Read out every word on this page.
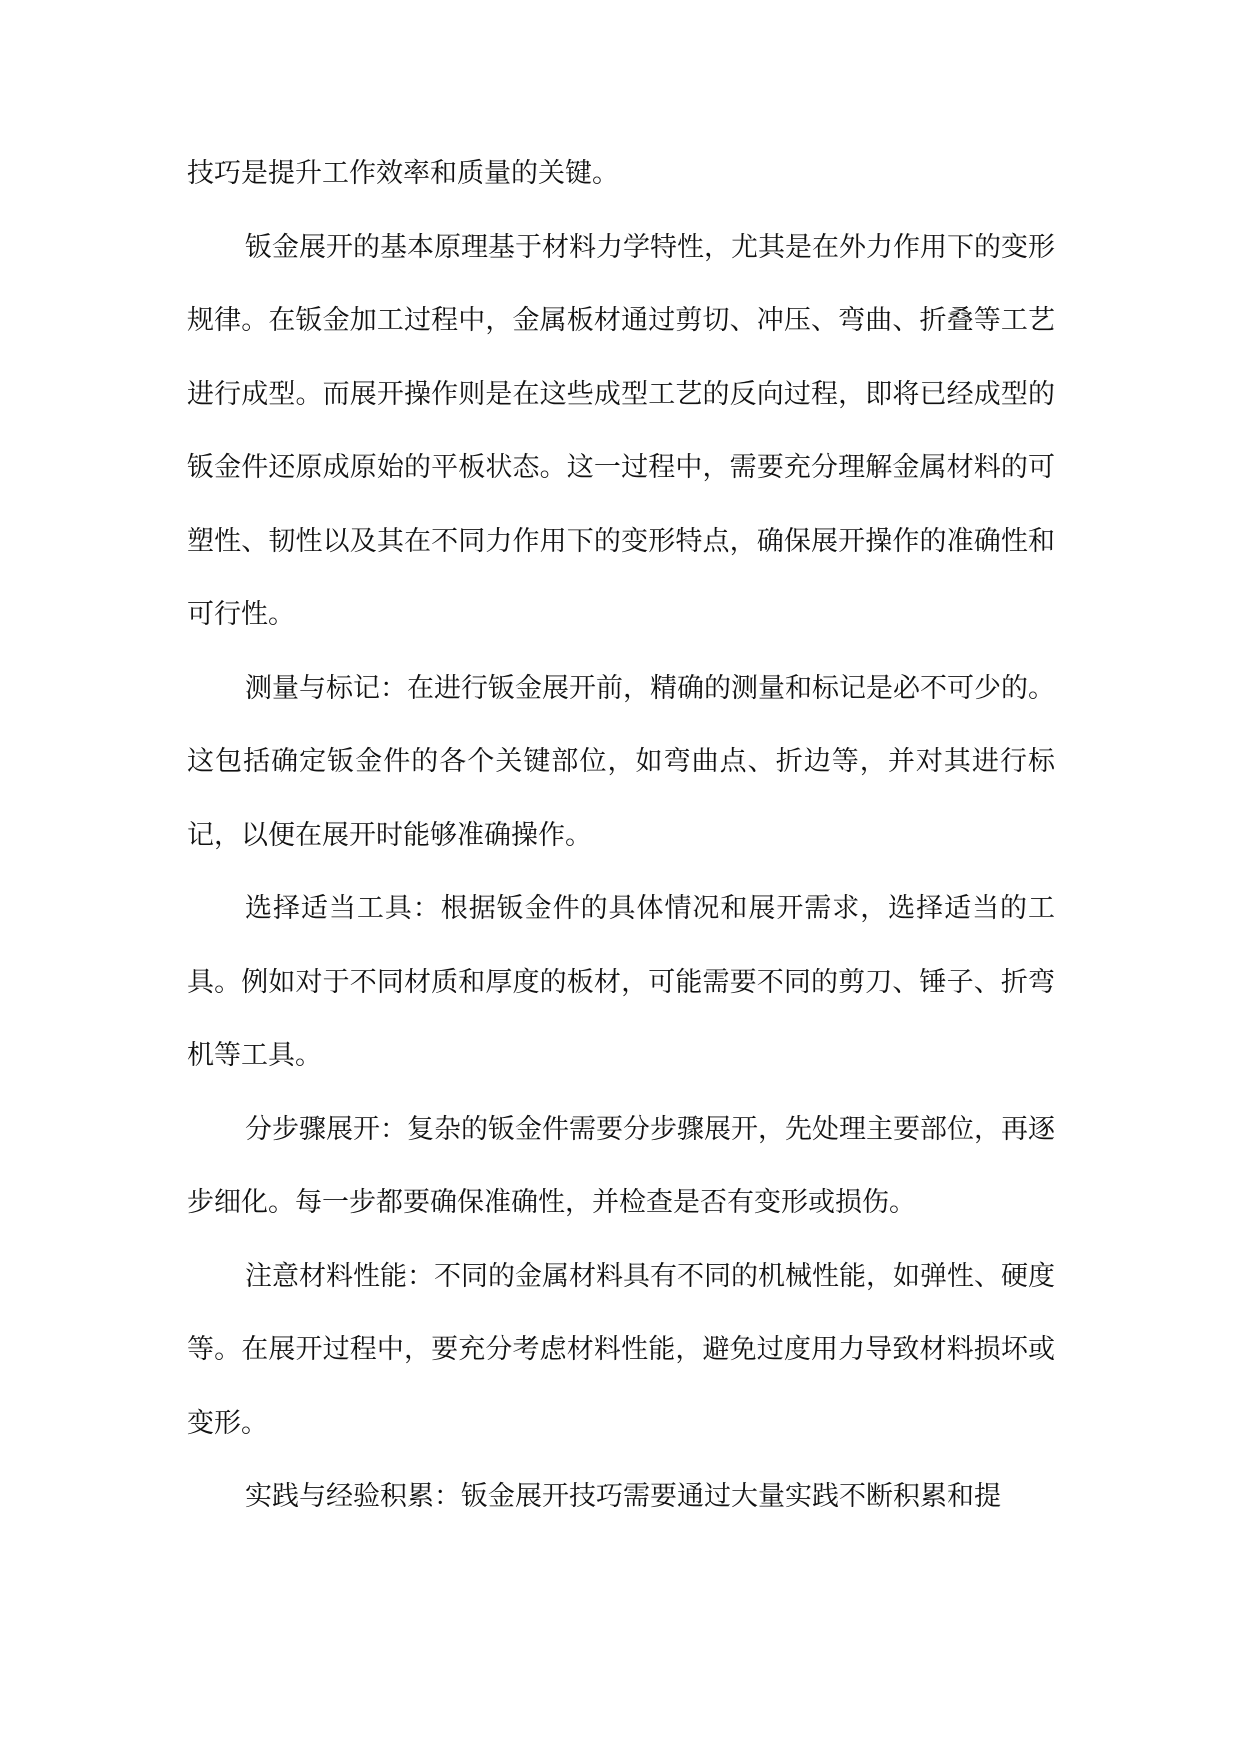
技巧是提升工作效率和质量的关键。

钣金展开的基本原理基于材料力学特性，尤其是在外力作用下的变形规律。在钣金加工过程中，金属板材通过剪切、冲压、弯曲、折叠等工艺进行成型。而展开操作则是在这些成型工艺的反向过程，即将已经成型的钣金件还原成原始的平板状态。这一过程中，需要充分理解金属材料的可塑性、韧性以及其在不同力作用下的变形特点，确保展开操作的准确性和可行性。

测量与标记：在进行钣金展开前，精确的测量和标记是必不可少的。这包括确定钣金件的各个关键部位，如弯曲点、折边等，并对其进行标记，以便在展开时能够准确操作。

选择适当工具：根据钣金件的具体情况和展开需求，选择适当的工具。例如对于不同材质和厚度的板材，可能需要不同的剪刀、锤子、折弯机等工具。

分步骤展开：复杂的钣金件需要分步骤展开，先处理主要部位，再逐步细化。每一步都要确保准确性，并检查是否有变形或损伤。

注意材料性能：不同的金属材料具有不同的机械性能，如弹性、硬度等。在展开过程中，要充分考虑材料性能，避免过度用力导致材料损坏或变形。

实践与经验积累：钣金展开技巧需要通过大量实践不断积累和提
